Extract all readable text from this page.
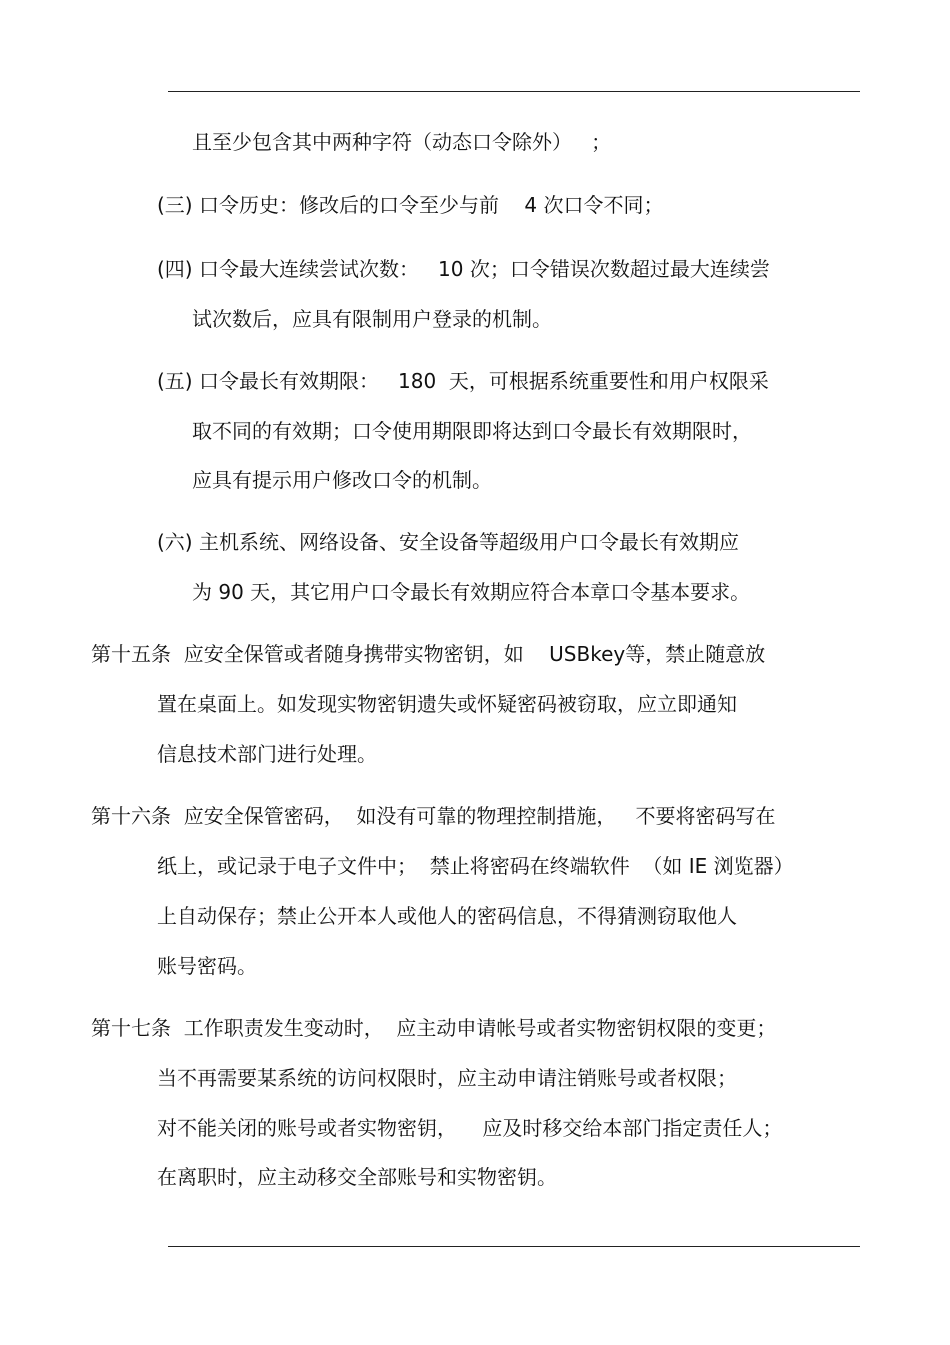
且至少包含其中两种字符（动态口令除外）   ；

(三) 口令历史：修改后的口令至少与前    4 次口令不同；

(四) 口令最大连续尝试次数：   10 次；口令错误次数超过最大连续尝

试次数后，应具有限制用户登录的机制。

(五) 口令最长有效期限：   180  天，可根据系统重要性和用户权限采

取不同的有效期；口令使用期限即将达到口令最长有效期限时，

应具有提示用户修改口令的机制。

(六) 主机系统、网络设备、安全设备等超级用户口令最长有效期应

为 90 天，其它用户口令最长有效期应符合本章口令基本要求。

第十五条  应安全保管或者随身携带实物密钥，如    USBkey等，禁止随意放

置在桌面上。如发现实物密钥遗失或怀疑密码被窃取，应立即通知

信息技术部门进行处理。

第十六条  应安全保管密码，  如没有可靠的物理控制措施，   不要将密码写在

纸上，或记录于电子文件中；  禁止将密码在终端软件  （如 IE 浏览器）

上自动保存；禁止公开本人或他人的密码信息，不得猜测窃取他人

账号密码。

第十七条  工作职责发生变动时，  应主动申请帐号或者实物密钥权限的变更；

当不再需要某系统的访问权限时，应主动申请注销账号或者权限；

对不能关闭的账号或者实物密钥，    应及时移交给本部门指定责任人；

在离职时，应主动移交全部账号和实物密钥。
